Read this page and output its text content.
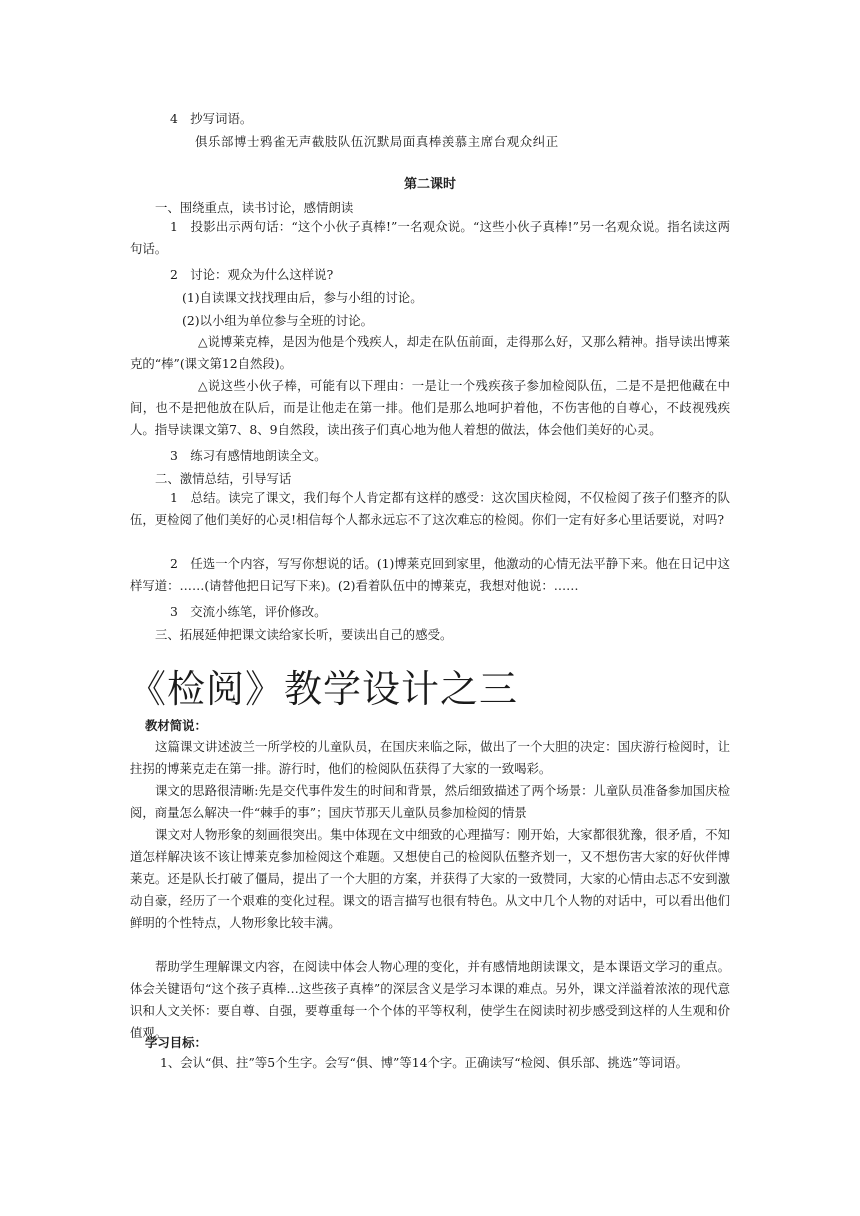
4　抄写词语。

俱乐部博士鸦雀无声截肢队伍沉默局面真棒羡慕主席台观众纠正

第二课时

一、围绕重点，读书讨论，感情朗读

1　投影出示两句话：“这个小伙子真棒!”一名观众说。“这些小伙子真棒!”另一名观众说。指名读这两句话。

2　讨论：观众为什么这样说?

(1)自读课文找找理由后，参与小组的讨论。

(2)以小组为单位参与全班的讨论。

△说博莱克棒，是因为他是个残疾人，却走在队伍前面，走得那么好，又那么精神。指导读出博莱克的“棒”(课文第12自然段)。

△说这些小伙子棒，可能有以下理由：一是让一个残疾孩子参加检阅队伍，二是不是把他藏在中间，也不是把他放在队后，而是让他走在第一排。他们是那么地呵护着他，不伤害他的自尊心，不歧视残疾人。指导读课文第7、8、9自然段，读出孩子们真心地为他人着想的做法，体会他们美好的心灵。

3　练习有感情地朗读全文。

二、激情总结，引导写话

1　总结。读完了课文，我们每个人肯定都有这样的感受：这次国庆检阅，不仅检阅了孩子们整齐的队伍，更检阅了他们美好的心灵!相信每个人都永远忘不了这次难忘的检阅。你们一定有好多心里话要说，对吗?

2　任选一个内容，写写你想说的话。(1)博莱克回到家里，他激动的心情无法平静下来。他在日记中这样写道：……(请替他把日记写下来)。(2)看着队伍中的博莱克，我想对他说：……

3　交流小练笔，评价修改。

三、拓展延伸把课文读给家长听，要读出自己的感受。

《检阅》教学设计之三

教材简说：

这篇课文讲述波兰一所学校的儿童队员，在国庆来临之际，做出了一个大胆的决定：国庆游行检阅时，让拄拐的博莱克走在第一排。游行时，他们的检阅队伍获得了大家的一致喝彩。

课文的思路很清晰:先是交代事件发生的时间和背景，然后细致描述了两个场景：儿童队员准备参加国庆检阅，商量怎么解决一件“棘手的事”；国庆节那天儿童队员参加检阅的情景

课文对人物形象的刻画很突出。集中体现在文中细致的心理描写：刚开始，大家都很犹豫，很矛盾，不知道怎样解决该不该让博莱克参加检阅这个难题。又想使自己的检阅队伍整齐划一，又不想伤害大家的好伙伴博莱克。还是队长打破了僵局，提出了一个大胆的方案，并获得了大家的一致赞同，大家的心情由忐忑不安到激动自豪，经历了一个艰难的变化过程。课文的语言描写也很有特色。从文中几个人物的对话中，可以看出他们鲜明的个性特点，人物形象比较丰满。

帮助学生理解课文内容，在阅读中体会人物心理的变化，并有感情地朗读课文，是本课语文学习的重点。体会关键语句“这个孩子真棒…这些孩子真棒”的深层含义是学习本课的难点。另外，课文洋溢着浓浓的现代意识和人文关怀：要自尊、自强，要尊重每一个个体的平等权利，使学生在阅读时初步感受到这样的人生观和价值观。

学习目标：

1、会认“俱、拄”等5个生字。会写“俱、博”等14个字。正确读写“检阅、俱乐部、挑选”等词语。
